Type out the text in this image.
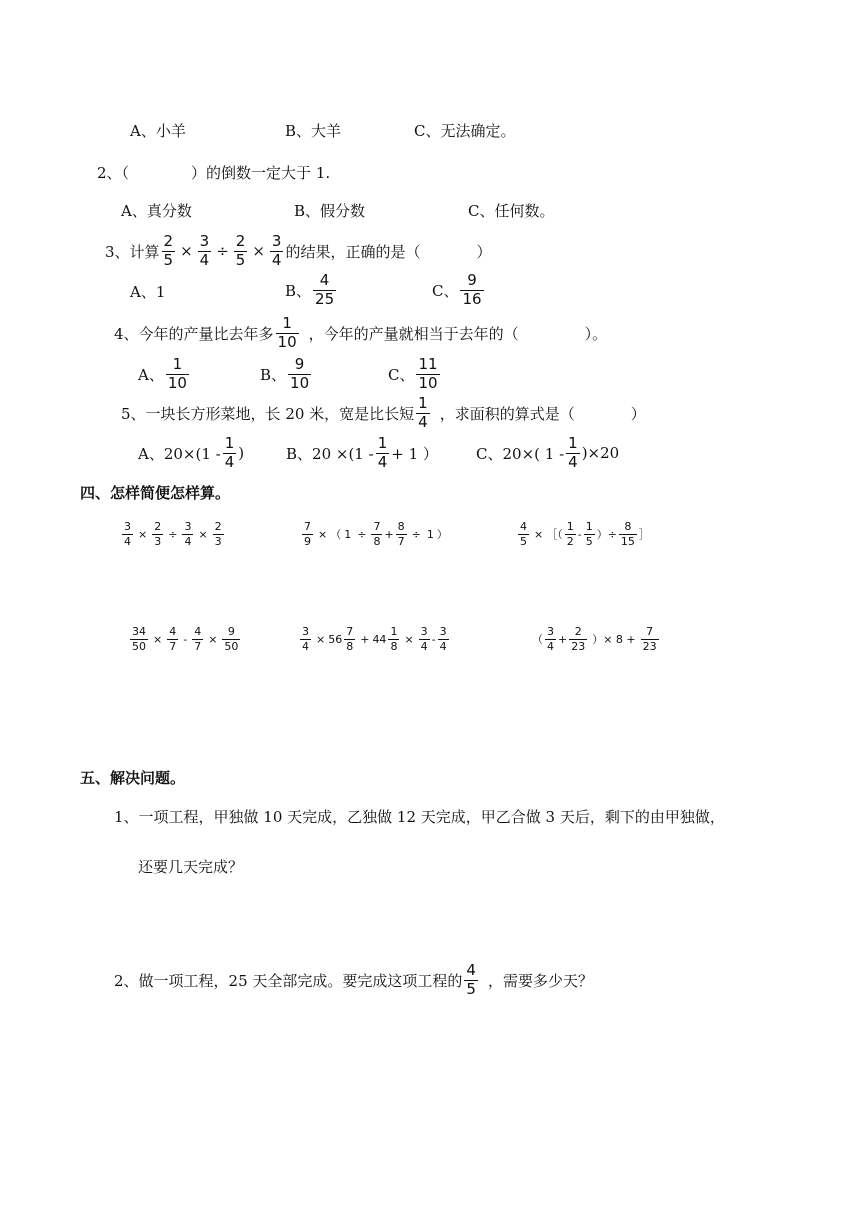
A、小羊	B、大羊	C、无法确定。
2、（	）的倒数一定大于 1.
A、真分数	B、假分数	C、任何数。
3、计算 $\frac{2}{5} \times \frac{3}{4} \div \frac{2}{5} \times \frac{3}{4}$ 的结果，正确的是（	）
A、1	B、 $\frac{4}{25}$	C、 $\frac{9}{16}$
4、今年的产量比去年多 $\frac{1}{10}$ ，今年的产量就相当于去年的（	）。
A、 $\frac{1}{10}$	B、 $\frac{9}{10}$	C、 $\frac{11}{10}$
5、一块长方形菜地，长 20 米，宽是比长短 $\frac{1}{4}$ ，求面积的算式是（	）
A、$20\times(1 - \frac{1}{4}$ )	B、$20 \times(1 - \frac{1}{4} + 1$ ）	C、20×( $1 - \frac{1}{4} )\times 20$
四、怎样简便怎样算。
$\frac{3}{4} \times \frac{2}{3} \div \frac{3}{4} \times \frac{2}{3}$	$\frac{7}{9}$ × （ $1 \div \frac{7}{8} + \frac{8}{7} \div 1$ ）	$\frac{4}{5}$ × ［（ $\frac{1}{2} - \frac{1}{5}$ ）÷ $\frac{8}{15}$ ］
$\frac{34}{50} \times \frac{4}{7} - \frac{4}{7} \times \frac{9}{50}$	$\frac{3}{4} \times 56 \frac{7}{8} + 44 \frac{1}{8} \times \frac{3}{4} - \frac{3}{4}$	（ $\frac{3}{4} + \frac{2}{23}$ ）× $8 + \frac{7}{23}$
五、解决问题。
1、一项工程，甲独做 10 天完成，乙独做 12 天完成，甲乙合做 3 天后，剩下的由甲独做，
还要几天完成？
2、做一项工程，25 天全部完成。要完成这项工程的 $\frac{4}{5}$ ，需要多少天？
